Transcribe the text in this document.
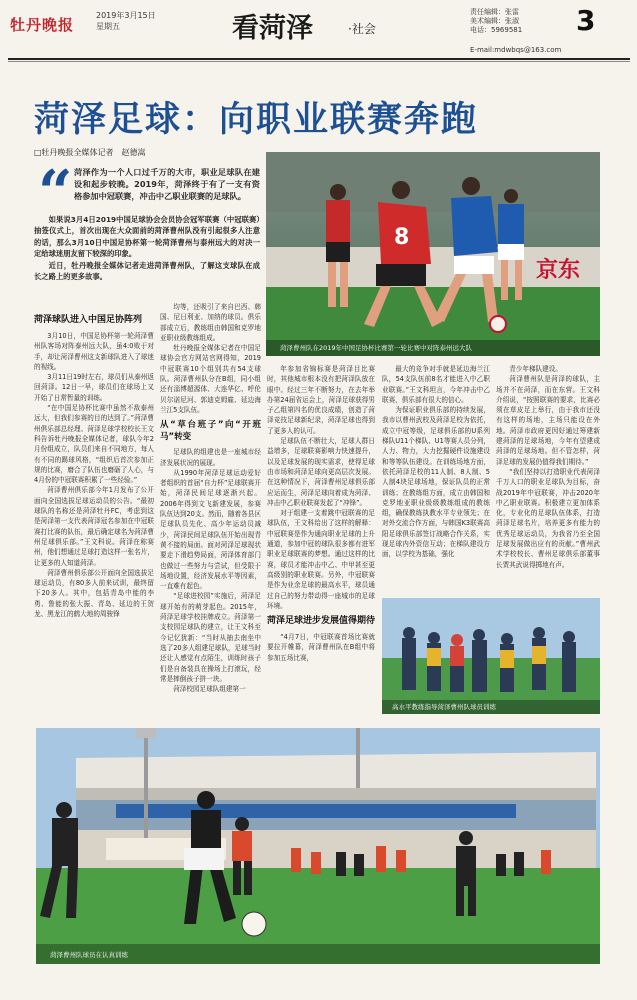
牡丹晚报
2019年3月15日
星期五	看菏泽	·社会
责任编辑：张雷
美术编辑：张淑
电话：5969581 3
E-mail:mdwbqs@163.com
菏泽足球：向职业联赛奔跑
□牡丹晚报全媒体记者　赵德嵩
“ 菏泽作为一个人口过千万的大市，职业足球队在建设和起步较晚。2019年，菏泽终于有了一支有资格参加中冠联赛，冲击中乙职业联赛的足球队。

如果说3月4日2019中国足球协会会员协会冠军联赛（中冠联赛）抽签仪式上，首次出现在大众面前的菏泽曹州队没有引起很多人注意的话，那么3月10日中国足协杯第一轮菏泽曹州与泰州远大的对决一定给球迷朋友留下较深的印象。

近日，牡丹晚报全媒体记者走进菏泽曹州队，了解这支球队在成长之路上的更多故事。	京东
8
菏泽曹州队在2019年中国足协杯比赛第一轮比赛中对阵泰州远大队
菏泽球队进入中国足协阵列

3月10日，中国足协杯第一轮菏泽曹州队客场对阵泰州远大队，虽4:0败于对手，却让菏泽曹州这支新球队进入了球迷的视线。

3月11日19时左右，球员们从泰州返回菏泽。12日一早，球员们在球场上又开始了日常暂量的训练。

“在中国足协杯比赛中虽然不敌泰州远大，但我们参赛的目的达到了。”菏泽曹州俱乐部总经理、菏泽足球学校校长王文科告诉牡丹晚报全媒体记者，球队今年2月份组成立，队员们来自不同地方，每人有不同的踢球风格，“组织后首次参加正规的比赛，磨合了队伍也磨砺了人心，与4月份的中冠联赛积累了一些经验。”

菏泽曹州俱乐部今年1月发布了公开面向全国选拔足球运动员的公告。“最初球队的名称还是菏泽牡丹FC，考虑到这是菏泽第一支代表菏泽冠名参加在中冠联赛打比赛的队伍，最后确定球名为菏泽曹州足球俱乐部。”王文科说。菏泽在称赛州，他们想通过足球打造这样一张名片，让更多的人知道菏泽。

菏泽曹州俱乐部公开面向全国选拔足球运动员，有80多人前来试训，最终留下20多人。其中，包括青岛中能的李勇、鲁能的张大振、青岛、延边的王贺龙、黑龙江的鹤大地的周骏锋

均等，还吸引了来自巴西、韩国、尼日利亚、加纳的球员。俱乐部成立后，教练组由韩国和克罗地亚职业级教练组成。

牡丹晚报全媒体记者在中国足球协会官方网站官网得知，2019中冠联赛10个组别共有54支球队。菏泽曹州队分在B组，同小组还有淄博超源体、大连华亿、呼伦贝尔诺尼河、郭迪克姆雇、延边海兰江5支队伍。

从“草台班子”向“开班马”转变

足球队的组建也是一座城市经济发展状况的展现。

从1990年菏泽足球运动爱好者组织的首届“自力杯”足球联赛开始，菏泽民间足球逐渐兴起。2006年得到文飞新建发展，参赛队伍达到20支。然而，随着各县区足球队员先化、高少年运动员减少，菏泽民间足球队伍开始出现青黄不接的局面。面对菏泽足球现状要走下滑趋势局面，菏泽体育部门也做过一些努力与尝试，但受限于场地设置，经济发展水平等因素，一直难有起色。

“足球进校园”实施后，菏泽足球开始有的萌芽起色。2015年，菏泽足球学校挂牌成立。菏泽第一支校园足球队的建立，让王文科至今记忆犹新：“当时从抽去南坐中选了20多人组建足球队，足球当时还让人感觉有点陌生，训练时孩子们是自备装具在操场上打滚玩，经常是摔倒孩子拼一块。

菏泽校园足球队组建第一

年参加省锦标赛是菏泽目比赛时，其他城市根本没有把菏泽队放在眼中。经过三年不断努力，在去年举办第24届省运会上，菏泽足球获得男子乙组第四名的优良成绩，创造了菏泽竞技足球新纪录，菏泽足球也得到了更多人的认可。

足球队伍不断壮大，足球人群日益增多，足球联赛影响力快速提升，以及足球发展的现实需求，使得足球由市场和菏泽足球向更高层次发展。在这种情况下，菏泽曹州足球俱乐部应运而生，菏泽足球向着成为菏泽、冲击中乙职业联赛发起了“冲锋”。

对于组建一支着跳中冠联赛的足球队伍，王文科给出了这样的解释：中冠联赛是作为通向职业足球的上升通道，参加中冠的球队很多都有进军职业足球联赛的梦想。通过这样的比赛，球员才能冲击中乙、中甲甚至更高级别的职业联赛。另外，中冠联赛是作为业余足球的最高水平，球员通过自己的努力带动得一座城市的足球环境。

菏泽足球进步发展值得期待

“4月7日，中冠联赛首场比赛就要拉开帷幕，菏泽曹州队在B组中将参加五场比赛，

最大的竞争对手就是延边海兰江队，54支队伍前8名才能进入中乙职业联赛。”王文科坦言，今年冲击中乙联赛，俱乐部有很大的信心。

为保证职业俱乐部的持续发展，我市以曹州武校及菏泽足校为依托，成立中冠等级，足球俱乐部的U系列梯队U11个梯队、U1等赛人员分列，人力、物力，大力挖掘硬件设施建设和等等队伍建设。在训练场地方面，依托菏泽足校的11人制、8人制、5人制4块足球场地，保证队员的正常训练；在教练组方面，成立由韩国和克罗地亚职业级级教练组成的教练组，确保教练执教水平专业领先；在对外交流合作方面，与韩国K3联赛高阳足球俱乐部签订战略合作关系，实现足球内外资信互动；在梯队建设方面，以学校为基础，强化

青少年梯队建设。

菏泽曹州队是菏泽的球队，主场并不在菏泽，而在东营。王文科介绍说，“按照联赛的要求，比赛必须在草皮足上举行，由于我市还没有这样的场地，主场只能设在外地。菏泽市政府更因好通过筹建新建菏泽的足球场地，今年有望建成菏泽的足球场地。但不管怎样，菏泽足球的发展仍值得我们期待。”

“我们坚持以打造职业代表菏泽千万人口的职业足球队为目标，奋战2019年中冠联赛，冲击2020年中乙职业联赛。积极建立更加体系化，专业化的足球队伍体系，打造菏泽足球名片，培养更多有能力的优秀足球运动员，为我省乃至全国足球发展做出应有的贡献。”曹州武术学校校长、曹州足球俱乐部董事长贾其武说得掷地有声。

高水平教练指导菏泽曹州队球员训练
菏泽曹州队球员在认真训练
